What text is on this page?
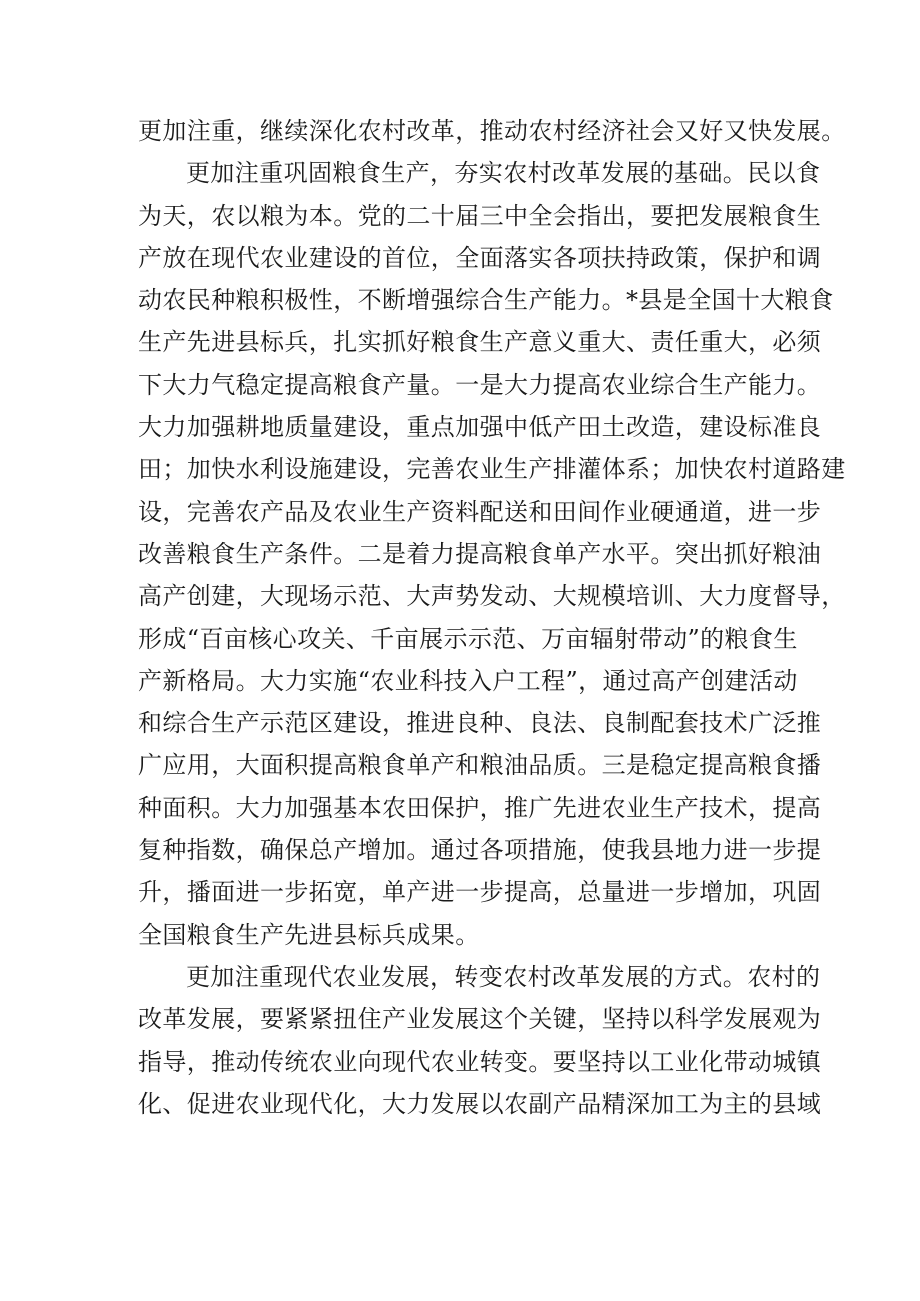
更加注重，继续深化农村改革，推动农村经济社会又好又快发展。

更加注重巩固粮食生产，夯实农村改革发展的基础。民以食
为天，农以粮为本。党的二十届三中全会指出，要把发展粮食生
产放在现代农业建设的首位，全面落实各项扶持政策，保护和调
动农民种粮积极性，不断增强综合生产能力。*县是全国十大粮食
生产先进县标兵，扎实抓好粮食生产意义重大、责任重大，必须
下大力气稳定提高粮食产量。一是大力提高农业综合生产能力。
大力加强耕地质量建设，重点加强中低产田土改造，建设标准良
田；加快水利设施建设，完善农业生产排灌体系；加快农村道路建
设，完善农产品及农业生产资料配送和田间作业硬通道，进一步
改善粮食生产条件。二是着力提高粮食单产水平。突出抓好粮油
高产创建，大现场示范、大声势发动、大规模培训、大力度督导，
形成“百亩核心攻关、千亩展示示范、万亩辐射带动”的粮食生
产新格局。大力实施“农业科技入户工程”，通过高产创建活动
和综合生产示范区建设，推进良种、良法、良制配套技术广泛推
广应用，大面积提高粮食单产和粮油品质。三是稳定提高粮食播
种面积。大力加强基本农田保护，推广先进农业生产技术，提高
复种指数，确保总产增加。通过各项措施，使我县地力进一步提
升，播面进一步拓宽，单产进一步提高，总量进一步增加，巩固
全国粮食生产先进县标兵成果。

更加注重现代农业发展，转变农村改革发展的方式。农村的
改革发展，要紧紧扭住产业发展这个关键，坚持以科学发展观为
指导，推动传统农业向现代农业转变。要坚持以工业化带动城镇
化、促进农业现代化，大力发展以农副产品精深加工为主的县域
